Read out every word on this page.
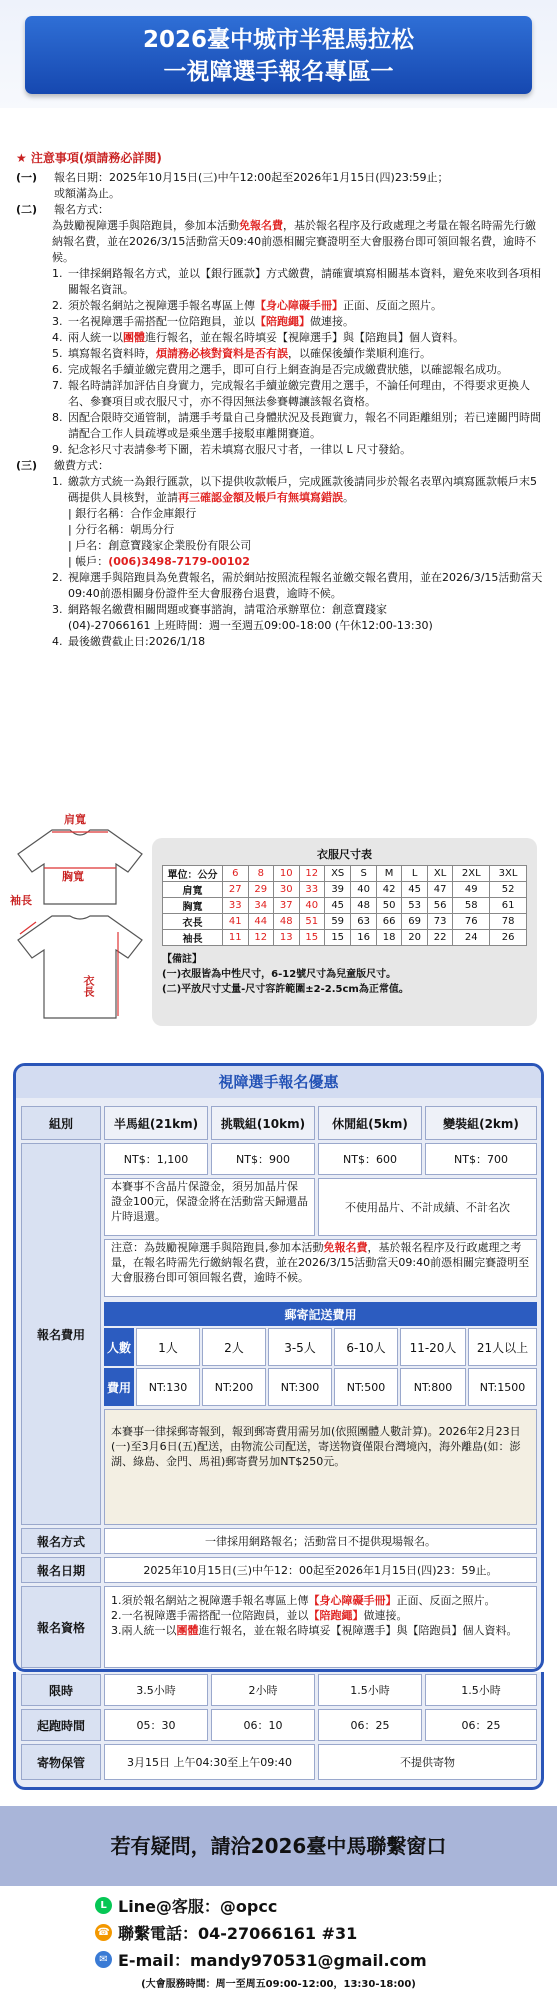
2026臺中城市半程馬拉松
一視障選手報名專區一
★ 注意事項(煩請務必詳閱)
(一)	報名日期：2025年10月15日(三)中午12:00起至2026年1月15日(四)23:59止；
或額滿為止。
(二)	報名方式：
為鼓勵視障選手與陪跑員，參加本活動免報名費，基於報名程序及行政處理之考量在報名時需先行繳納報名費，並在2026/3/15活動當天09:40前憑相關完賽證明至大會服務台即可領回報名費，逾時不候。
1. 一律採網路報名方式，並以【銀行匯款】方式繳費，請確實填寫相關基本資料，避免來收到各項相關報名資訊。
2. 須於報名網站之視障選手報名專區上傳【身心障礙手冊】正面、反面之照片。
3. 一名視障選手需搭配一位陪跑員，並以【陪跑繩】做連接。
4. 兩人統一以團體進行報名，並在報名時填妥【視障選手】與【陪跑員】個人資料。
5. 填寫報名資料時，煩請務必核對資料是否有誤，以確保後續作業順利進行。
6. 完成報名手續並繳完費用之選手，即可自行上網查詢是否完成繳費狀態，以確認報名成功。
7. 報名時請詳加評估自身實力，完成報名手續並繳完費用之選手，不論任何理由，不得要求更換人名、參賽項目或衣服尺寸，亦不得因無法參賽轉讓該報名資格。
8. 因配合限時交通管制，請選手考量自己身體狀況及長跑實力，報名不同距離組別；若已達關門時間請配合工作人員疏導或是乘坐選手接駁車離開賽道。
9. 紀念衫尺寸表請參考下圖，若未填寫衣服尺寸者，一律以 L 尺寸發給。
(三)	繳費方式：
1. 繳款方式統一為銀行匯款，以下提供收款帳戶，完成匯款後請同步於報名表單內填寫匯款帳戶末5碼提供人員核對，並請再三確認金額及帳戶有無填寫錯誤。
| 銀行名稱：合作金庫銀行
| 分行名稱：朝馬分行
| 戶名：創意寶踐家企業股份有限公司
| 帳戶：(006)3498-7179-00102
2. 視障選手與陪跑員為免費報名，需於網站按照流程報名並繳交報名費用，並在2026/3/15活動當天09:40前憑相關身份證件至大會服務台退費，逾時不候。
3. 網路報名繳費相關問題或賽事諮詢，請電洽承辦單位：創意寶踐家
(04)-27066161 上班時間：週一至週五09:00-18:00 (午休12:00-13:30)
4. 最後繳費截止日:2026/1/18
肩寬
胸寬
袖長
衣長
衣服尺寸表
單位：公分	6	8	10	12	XS	S	M	L	XL	2XL	3XL
肩寬	27	29	30	33	39	40	42	45	47	49	52
胸寬	33	34	37	40	45	48	50	53	56	58	61
衣長	41	44	48	51	59	63	66	69	73	76	78
袖長	11	12	13	15	15	16	18	20	22	24	26
【備註】
(一)衣服皆為中性尺寸，6-12號尺寸為兒童版尺寸。
(二)平放尺寸丈量-尺寸容許範圍±2-2.5cm為正常值。
視障選手報名優惠
組別	半馬組(21km)	挑戰組(10km)	休閒組(5km)	變裝組(2km)
報名費用
NT$：1,100	NT$：900	NT$：600	NT$：700
本賽事不含晶片保證金，須另加晶片保證金100元，保證金將在活動當天歸還晶片時退還。
不使用晶片、不計成績、不計名次
注意：為鼓勵視障選手與陪跑員,參加本活動免報名費，基於報名程序及行政處理之考量，在報名時需先行繳納報名費，並在2026/3/15活動當天09:40前憑相關完賽證明至大會服務台即可領回報名費，逾時不候。
郵寄記送費用
人數	1人	2人	3-5人	6-10人	11-20人	21人以上
費用	NT:130	NT:200	NT:300	NT:500	NT:800	NT:1500
本賽事一律採郵寄報到，報到郵寄費用需另加(依照團體人數計算)。2026年2月23日(一)至3月6日(五)配送，由物流公司配送，寄送物資僅限台灣境內，海外離島(如：澎湖、綠島、金門、馬祖)郵寄費另加NT$250元。
報名方式	一律採用網路報名；活動當日不提供現場報名。
報名日期	2025年10月15日(三)中午12：00起至2026年1月15日(四)23：59止。
報名資格
1.須於報名網站之視障選手報名專區上傳【身心障礙手冊】正面、反面之照片。
2.一名視障選手需搭配一位陪跑員，並以【陪跑繩】做連接。
3.兩人統一以團體進行報名，並在報名時填妥【視障選手】與【陪跑員】個人資料。
限時	3.5小時	2小時	1.5小時	1.5小時
起跑時間	05：30	06：10	06：25	06：25
寄物保管	3月15日 上午04:30至上午09:40	不提供寄物
若有疑問，請洽2026臺中馬聯繫窗口
L Line@客服：@opcc
☎ 聯繫電話：04-27066161 #31
✉ E-mail：mandy970531@gmail.com
(大會服務時間：周一至周五09:00-12:00，13:30-18:00)
